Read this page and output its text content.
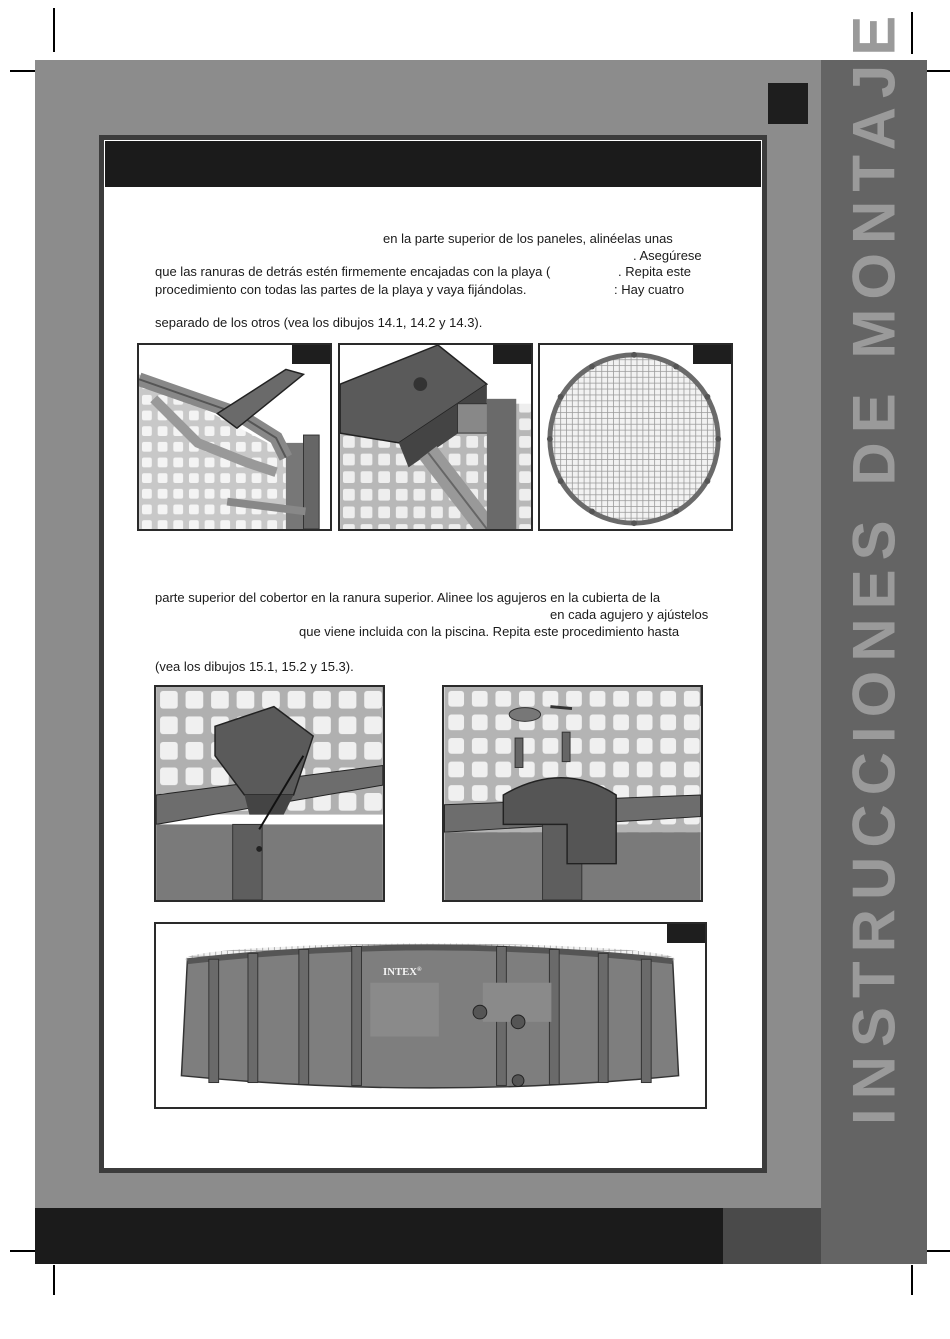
INSTRUCCIONES DE MONTAJE
en la parte superior de los paneles, alinéelas unas
. Asegúrese
que las ranuras de detrás estén firmemente encajadas con la playa (	. Repita este
procedimiento con todas las partes de la playa y vaya fijándolas.	: Hay cuatro
separado de los otros (vea los dibujos 14.1, 14.2 y 14.3).
parte superior del cobertor en la ranura superior. Alinee los agujeros en la cubierta de la
en cada agujero y ajústelos
que viene incluida con la piscina. Repita este procedimiento hasta
(vea los dibujos 15.1, 15.2 y 15.3).
INTEX®
